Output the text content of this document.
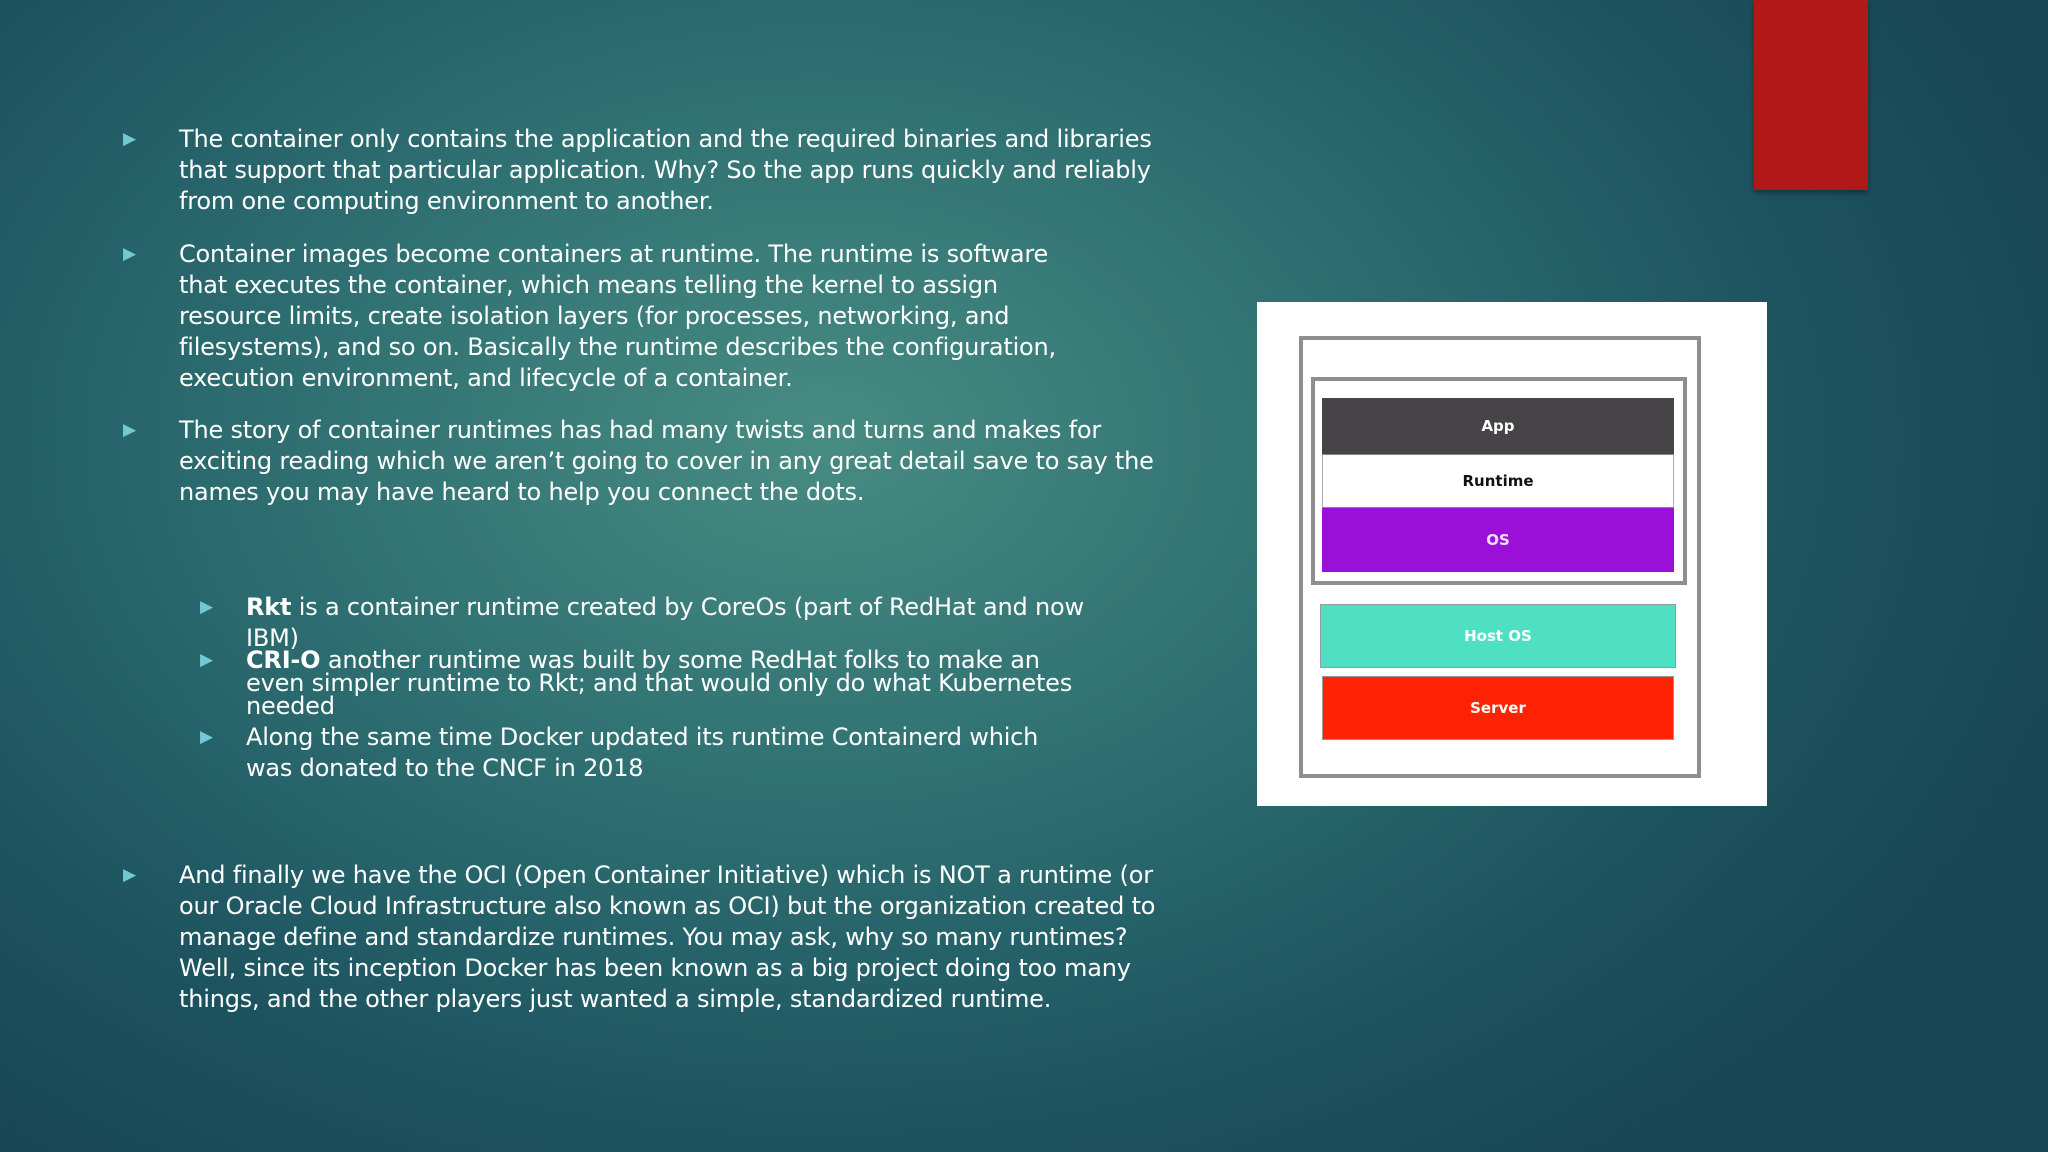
▶ The container only contains the application and the required binaries and libraries that support that particular application. Why? So the app runs quickly and reliably from one computing environment to another.
▶ Container images become containers at runtime. The runtime is software that executes the container, which means telling the kernel to assign resource limits, create isolation layers (for processes, networking, and filesystems), and so on. Basically the runtime describes the configuration, execution environment, and lifecycle of a container.
▶ The story of container runtimes has had many twists and turns and makes for exciting reading which we aren’t going to cover in any great detail save to say the names you may have heard to help you connect the dots.
▶ Rkt is a container runtime created by CoreOs (part of RedHat and now IBM)
▶ CRI-O another runtime was built by some RedHat folks to make an even simpler runtime to Rkt; and that would only do what Kubernetes needed
▶ Along the same time Docker updated its runtime Containerd which was donated to the CNCF in 2018
▶ And finally we have the OCI (Open Container Initiative) which is NOT a runtime (or our Oracle Cloud Infrastructure also known as OCI) but the organization created to manage define and standardize runtimes. You may ask, why so many runtimes? Well, since its inception Docker has been known as a big project doing too many things, and the other players just wanted a simple, standardized runtime.
App
Runtime
OS
Host OS
Server
